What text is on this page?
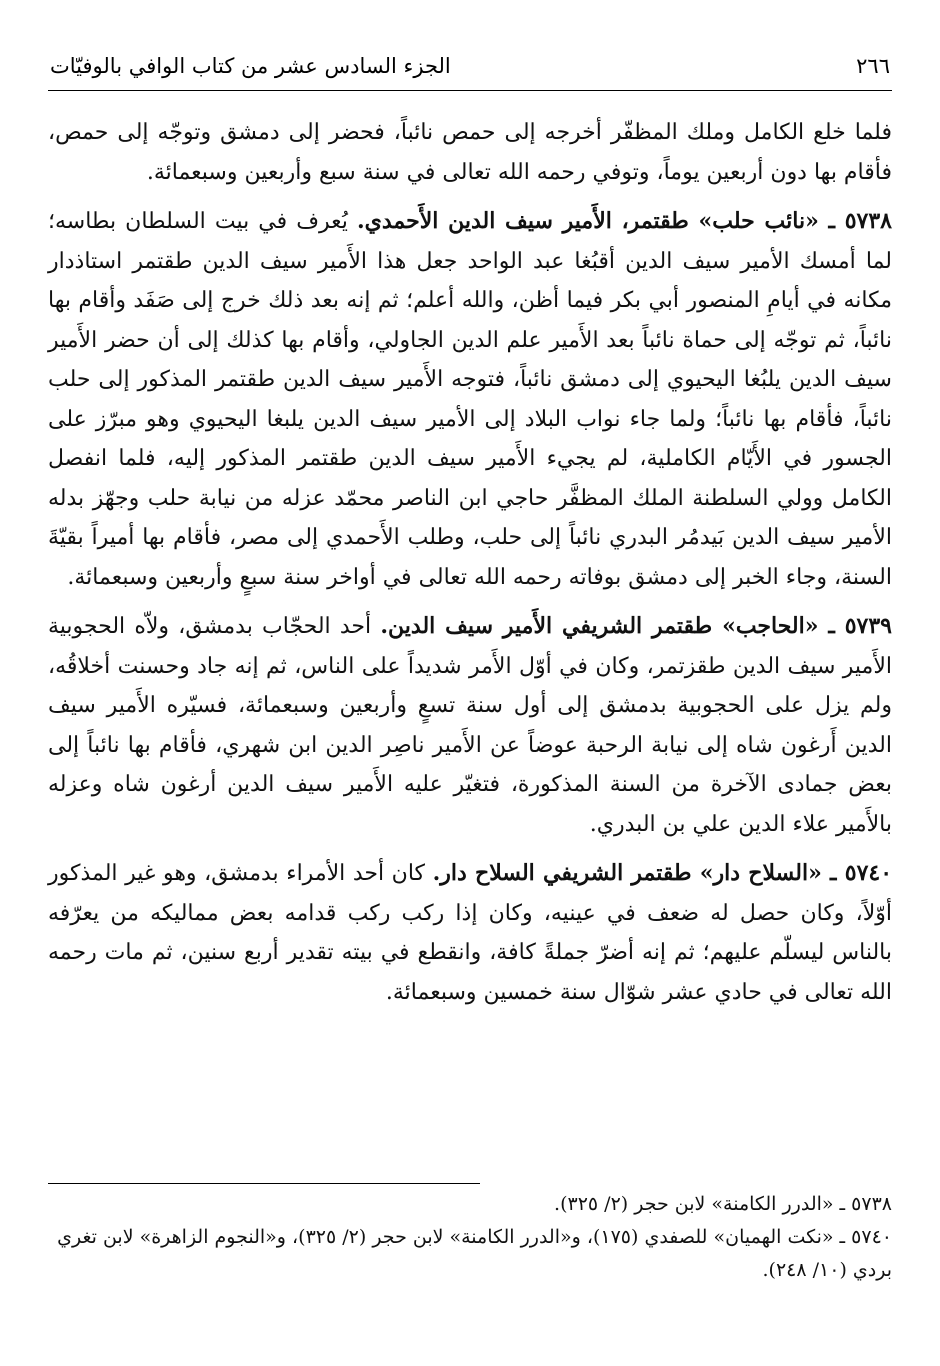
٢٦٦
الجزء السادس عشر من كتاب الوافي بالوفيّات

فلما خلع الكامل وملك المظفّر أخرجه إلى حمص نائباً، فحضر إلى دمشق وتوجّه إلى حمص، فأقام بها دون أربعين يوماً، وتوفي رحمه الله تعالى في سنة سبع وأربعين وسبعمائة.

٥٧٣٨ ـ «نائب حلب» طقتمر، الأَمير سيف الدين الأَحمدي. يُعرف في بيت السلطان بطاسه؛ لما أمسك الأمير سيف الدين أقبُغا عبد الواحد جعل هذا الأَمير سيف الدين طقتمر استاذدار مكانه في أيامِ المنصور أبي بكر فيما أظن، والله أعلم؛ ثم إنه بعد ذلك خرج إلى صَفَد وأقام بها نائباً، ثم توجّه إلى حماة نائباً بعد الأَمير علم الدين الجاولي، وأقام بها كذلك إلى أن حضر الأَمير سيف الدين يلبُغا اليحيوي إلى دمشق نائباً، فتوجه الأَمير سيف الدين طقتمر المذكور إلى حلب نائباً، فأقام بها نائباً؛ ولما جاء نواب البلاد إلى الأمير سيف الدين يلبغا اليحيوي وهو مبرّز على الجسور في الأَيّام الكاملية، لم يجيء الأَمير سيف الدين طقتمر المذكور إليه، فلما انفصل الكامل وولي السلطنة الملك المظفَّر حاجي ابن الناصر محمّد عزله من نيابة حلب وجهّز بدله الأمير سيف الدين بَيدمُر البدري نائباً إلى حلب، وطلب الأَحمدي إلى مصر، فأقام بها أميراً بقيّةَ السنة، وجاء الخبر إلى دمشق بوفاته رحمه الله تعالى في أواخر سنة سبعٍ وأربعين وسبعمائة.

٥٧٣٩ ـ «الحاجب» طقتمر الشريفي الأَمير سيف الدين. أحد الحجّاب بدمشق، ولاّه الحجوبية الأَمير سيف الدين طقزتمر، وكان في أوّل الأَمر شديداً على الناس، ثم إنه جاد وحسنت أخلاقُه، ولم يزل على الحجوبية بدمشق إلى أول سنة تسعٍ وأربعين وسبعمائة، فسيّره الأَمير سيف الدين أَرغون شاه إلى نيابة الرحبة عوضاً عن الأَمير ناصِر الدين ابن شهري، فأقام بها نائباً إلى بعض جمادى الآخرة من السنة المذكورة، فتغيّر عليه الأَمير سيف الدين أرغون شاه وعزله بالأَمير علاء الدين علي بن البدري.

٥٧٤٠ ـ «السلاح دار» طقتمر الشريفي السلاح دار. كان أحد الأمراء بدمشق، وهو غير المذكور أوّلاً، وكان حصل له ضعف في عينيه، وكان إذا ركب ركب قدامه بعض مماليكه من يعرّفه بالناس ليسلّم عليهم؛ ثم إنه أضرّ جملةً كافة، وانقطع في بيته تقدير أربع سنين، ثم مات رحمه الله تعالى في حادي عشر شوّال سنة خمسين وسبعمائة.

٥٧٣٨ ـ «الدرر الكامنة» لابن حجر (٢/ ٣٢٥).

٥٧٤٠ ـ «نكت الهميان» للصفدي (١٧٥)، و«الدرر الكامنة» لابن حجر (٢/ ٣٢٥)، و«النجوم الزاهرة» لابن تغري بردي (١٠/ ٢٤٨).
